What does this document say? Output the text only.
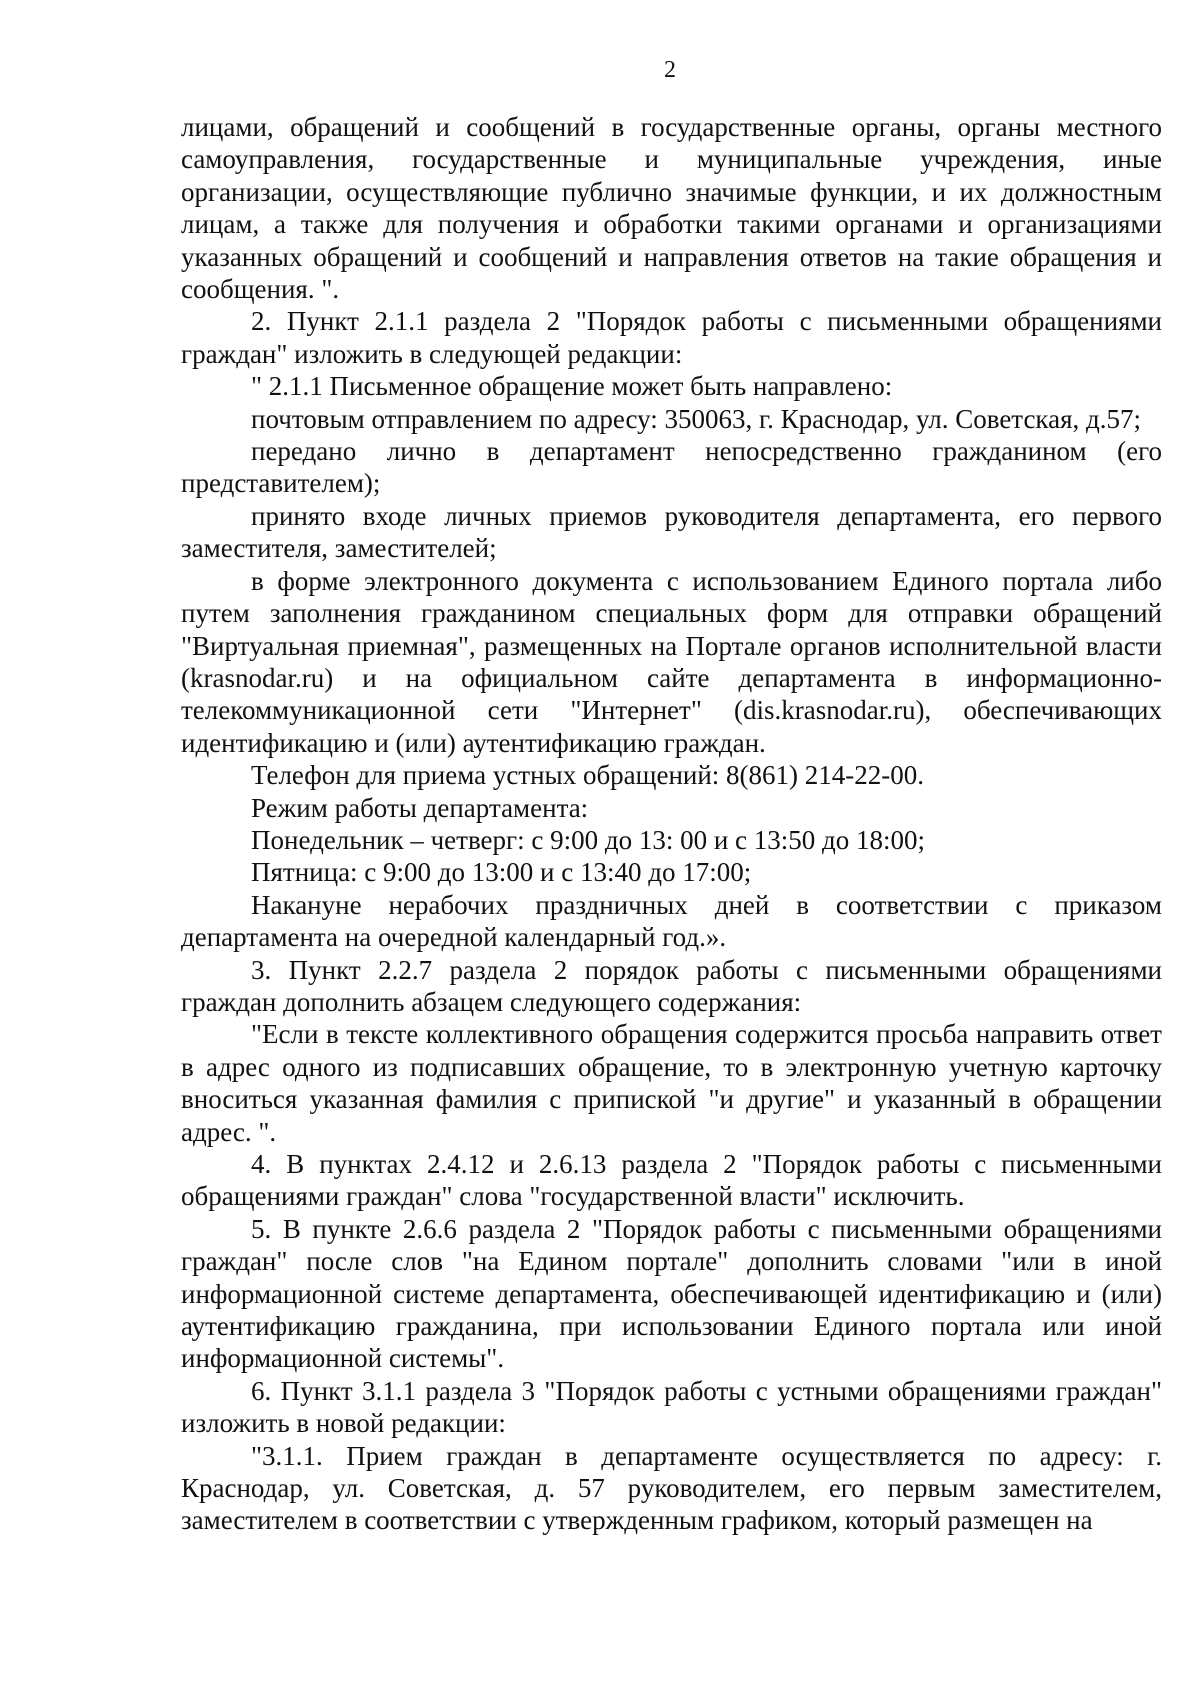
2

лицами, обращений и сообщений в государственные органы, органы местного самоуправления, государственные и муниципальные учреждения, иные организации, осуществляющие публично значимые функции, и их должностным лицам, а также для получения и обработки такими органами и организациями указанных обращений и сообщений и направления ответов на такие обращения и сообщения. ".

2. Пункт 2.1.1 раздела 2 "Порядок работы с письменными обращениями граждан" изложить в следующей редакции:

" 2.1.1 Письменное обращение может быть направлено:

почтовым отправлением по адресу: 350063, г. Краснодар, ул. Советская, д.57;

передано лично в департамент непосредственно гражданином (его представителем);

принято входе личных приемов руководителя департамента, его первого заместителя, заместителей;

в форме электронного документа с использованием Единого портала либо путем заполнения гражданином специальных форм для отправки обращений "Виртуальная приемная", размещенных на Портале органов исполнительной власти (krasnodar.ru) и на официальном сайте департамента в информационно-телекоммуникационной сети "Интернет" (dis.krasnodar.ru), обеспечивающих идентификацию и (или) аутентификацию граждан.

Телефон для приема устных обращений: 8(861) 214-22-00.

Режим работы департамента:

Понедельник – четверг: с 9:00 до 13: 00 и с 13:50 до 18:00;

Пятница: с 9:00 до 13:00 и с 13:40 до 17:00;

Накануне нерабочих праздничных дней в соответствии с приказом департамента на очередной календарный год.».

3. Пункт 2.2.7 раздела 2 порядок работы с письменными обращениями граждан дополнить абзацем следующего содержания:

"Если в тексте коллективного обращения содержится просьба направить ответ в адрес одного из подписавших обращение, то в электронную учетную карточку вноситься указанная фамилия с припиской "и другие" и указанный в обращении адрес. ".

4. В пунктах 2.4.12 и 2.6.13 раздела 2 "Порядок работы с письменными обращениями граждан" слова "государственной власти" исключить.

5. В пункте 2.6.6 раздела 2 "Порядок работы с письменными обращениями граждан" после слов "на Едином портале" дополнить словами "или в иной информационной системе департамента, обеспечивающей идентификацию и (или) аутентификацию гражданина, при использовании Единого портала или иной информационной системы".

6. Пункт 3.1.1 раздела 3 "Порядок работы с устными обращениями граждан" изложить в новой редакции:

"3.1.1. Прием граждан в департаменте осуществляется по адресу: г. Краснодар, ул. Советская, д. 57 руководителем, его первым заместителем, заместителем в соответствии с утвержденным графиком, который размещен на
